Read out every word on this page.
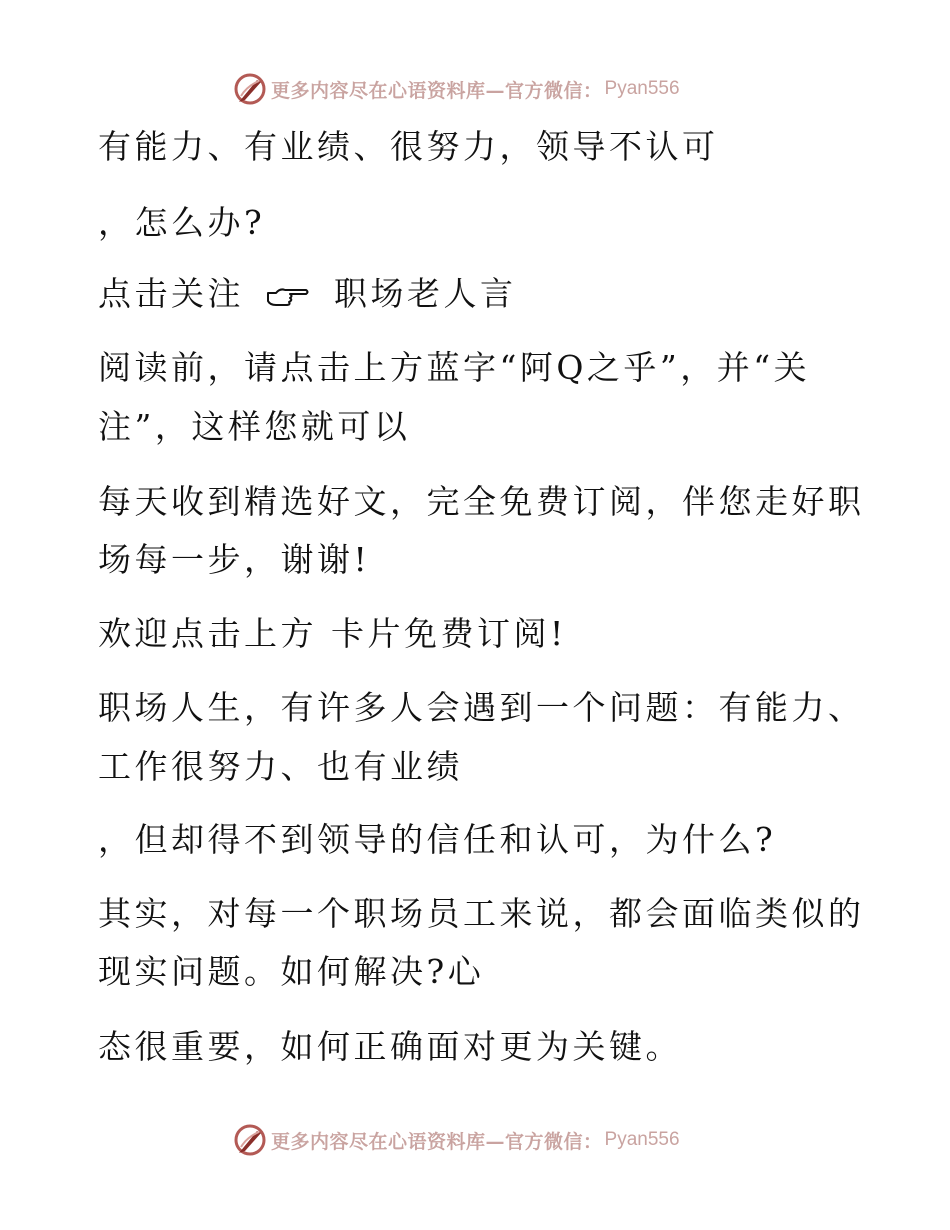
更多内容尽在心语资料库—官方微信： Pyan556
有能力、有业绩、很努力，领导不认可
，怎么办?
点击关注	职场老人言
阅读前，请点击上方蓝字“阿Q之乎”，并“关
注”，这样您就可以
每天收到精选好文，完全免费订阅，伴您走好职
场每一步，谢谢!
欢迎点击上方 卡片免费订阅!
职场人生，有许多人会遇到一个问题：有能力、
工作很努力、也有业绩
，但却得不到领导的信任和认可，为什么?
其实，对每一个职场员工来说，都会面临类似的
现实问题。如何解决?心
态很重要，如何正确面对更为关键。
更多内容尽在心语资料库—官方微信： Pyan556
